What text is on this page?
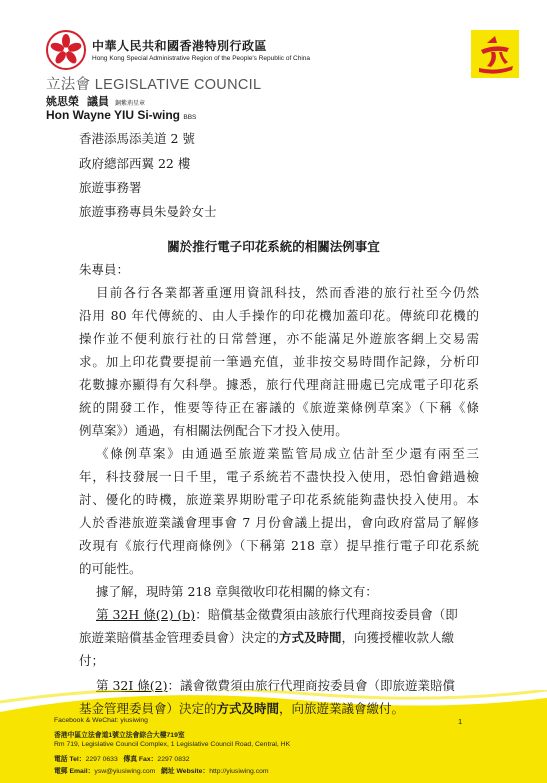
中華人民共和國香港特別行政區
Hong Kong Special Administrative Region of the People's Republic of China
立法會 LEGISLATIVE COUNCIL
姚思榮 議員 銅紫荊星章
Hon Wayne YIU Si-wing BBS
香港添馬添美道 2 號
政府總部西翼 22 樓
旅遊事務署
旅遊事務專員朱曼鈴女士
關於推行電子印花系統的相關法例事宜
朱專員：
目前各行各業都著重運用資訊科技，然而香港的旅行社至今仍然
沿用 80 年代傳統的、由人手操作的印花機加蓋印花。傳統印花機的
操作並不便利旅行社的日常營運，亦不能滿足外遊旅客網上交易需
求。加上印花費要提前一筆過充值，並非按交易時間作記錄，分析印
花數據亦顯得有欠科學。據悉，旅行代理商註冊處已完成電子印花系
統的開發工作，惟要等待正在審議的《旅遊業條例草案》（下稱《條
例草案》）通過，有相關法例配合下才投入使用。
《條例草案》由通過至旅遊業監管局成立估計至少還有兩至三
年，科技發展一日千里，電子系統若不盡快投入使用，恐怕會錯過檢
討、優化的時機，旅遊業界期盼電子印花系統能夠盡快投入使用。本
人於香港旅遊業議會理事會 7 月份會議上提出，會向政府當局了解修
改現有《旅行代理商條例》（下稱第 218 章）提早推行電子印花系統
的可能性。
據了解，現時第 218 章與徵收印花相關的條文有：
第 32H 條(2) (b)：賠償基金徵費須由該旅行代理商按委員會（即
旅遊業賠償基金管理委員會）決定的方式及時間，向獲授權收款人繳
付；
第 32I 條(2)：議會徵費須由旅行代理商按委員會（即旅遊業賠償
基金管理委員會）決定的方式及時間，向旅遊業議會繳付。
Facebook & WeChat: yiusiwing
香港中區立法會道1號立法會綜合大樓719室
Rm 719, Legislative Council Complex, 1 Legislative Council Road, Central, HK
電話 Tel：2297 0633 傳真 Fax：2297 0832
電郵 Email：ysw@yiusiwing.com 網址 Website：http://yiusiwing.com
1
